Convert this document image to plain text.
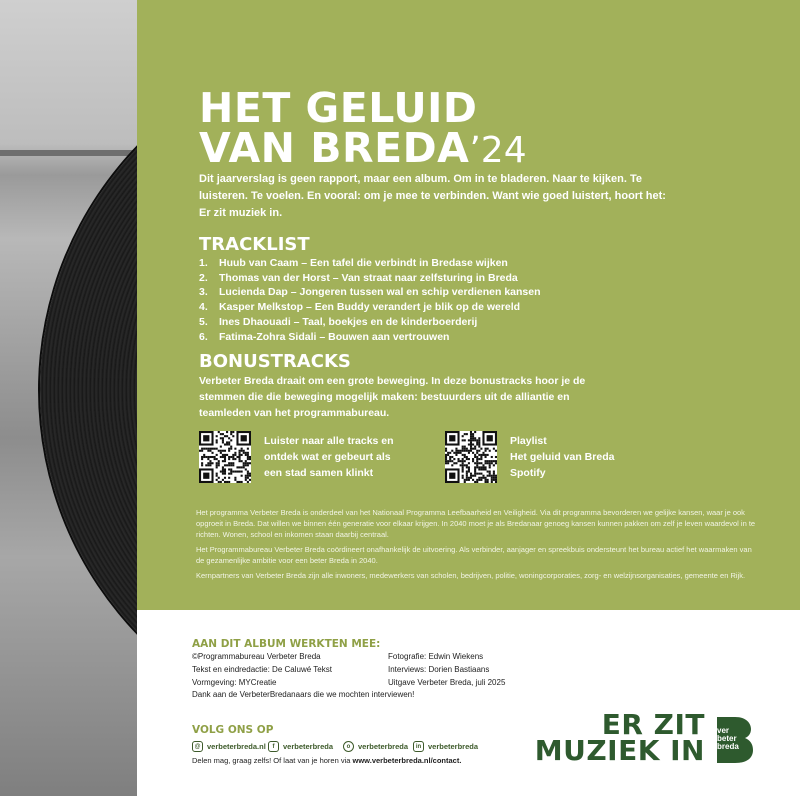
HET GELUID
VAN BREDA’24

Dit jaarverslag is geen rapport, maar een album. Om in te bladeren. Naar te kijken. Te luisteren. Te voelen. En vooral: om je mee te verbinden. Want wie goed luistert, hoort het: Er zit muziek in.

TRACKLIST
1. Huub van Caam – Een tafel die verbindt in Bredase wijken
2. Thomas van der Horst – Van straat naar zelfsturing in Breda
3. Lucienda Dap – Jongeren tussen wal en schip verdienen kansen
4. Kasper Melkstop – Een Buddy verandert je blik op de wereld
5. Ines Dhaouadi – Taal, boekjes en de kinderboerderij
6. Fatima-Zohra Sidali – Bouwen aan vertrouwen
BONUSTRACKS

Verbeter Breda draait om een grote beweging. In deze bonustracks hoor je de stemmen die die beweging mogelijk maken: bestuurders uit de alliantie en teamleden van het programmabureau.

Luister naar alle tracks en
ontdek wat er gebeurt als
een stad samen klinkt
Playlist
Het geluid van Breda
Spotify

Het programma Verbeter Breda is onderdeel van het Nationaal Programma Leefbaarheid en Veiligheid. Via dit programma bevorderen we gelijke kansen, waar je ook opgroeit in Breda. Dat willen we binnen één generatie voor elkaar krijgen. In 2040 moet je als Bredanaar genoeg kansen kunnen pakken om zelf je leven waardevol in te richten. Wonen, school en inkomen staan daarbij centraal.

Het Programmabureau Verbeter Breda coördineert onafhankelijk de uitvoering. Als verbinder, aanjager en spreekbuis ondersteunt het bureau actief het waarmaken van de gezamenlijke ambitie voor een beter Breda in 2040.

Kernpartners van Verbeter Breda zijn alle inwoners, medewerkers van scholen, bedrijven, politie, woningcorporaties, zorg- en welzijnsorganisaties, gemeente en Rijk.

AAN DIT ALBUM WERKTEN MEE:
©Programmabureau Verbeter Breda
Tekst en eindredactie: De Caluwé Tekst
Vormgeving: MYCreatie
Fotografie: Edwin Wiekens
Interviews: Dorien Bastiaans
Uitgave Verbeter Breda, juli 2025

Dank aan de VerbeterBredanaars die we mochten interviewen!

VOLG ONS OP
@ verbeterbreda.nl	f	verbeterbreda	o	verbeterbreda	in verbeterbreda

Delen mag, graag zelfs! Of laat van je horen via www.verbeterbreda.nl/contact.

ER ZIT
MUZIEK IN
ver
beter
breda
